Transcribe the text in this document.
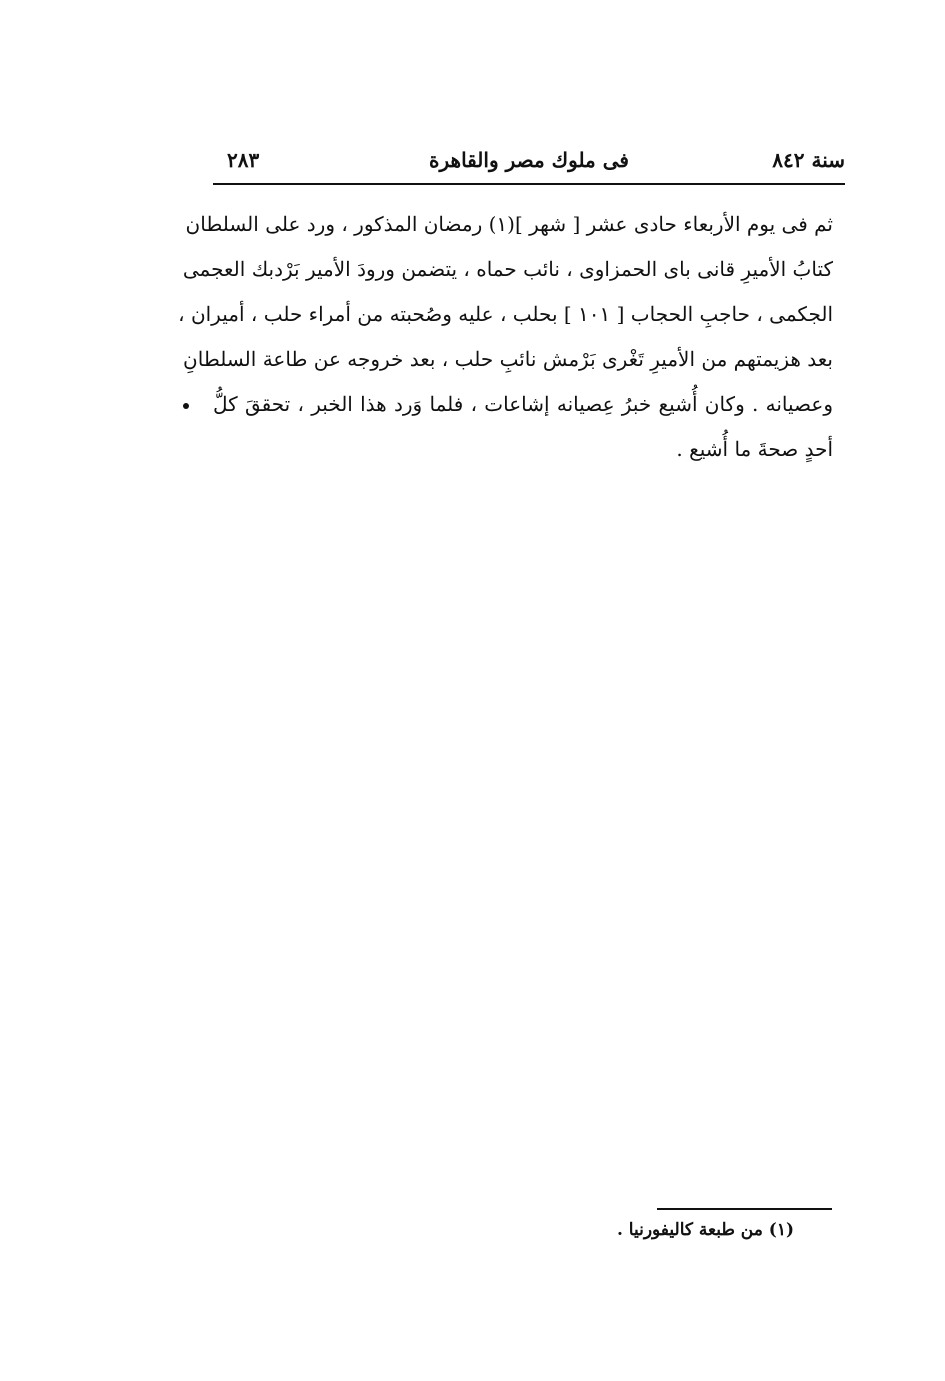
سنة ٨٤٢
فى ملوك مصر والقاهرة
٢٨٣
ثم فى يوم الأربعاء حادى عشر [ شهر ](١) رمضان المذكور ، ورد على السلطان
كتابُ الأميرِ قانى باى الحمزاوى ، نائب حماه ، يتضمن ورودَ الأمير بَرْدبك العجمى
الجكمى ، حاجبِ الحجاب [ ١٠١ ] بحلب ، عليه وصُحبته من أمراء حلب ، أميران ،
بعد هزيمتهم من الأميرِ تَغْرى بَرْمش نائبِ حلب ، بعد خروجه عن طاعة السلطانِ
وعصيانه . وكان أُشيع خبرُ عِصيانه إشاعات ، فلما وَرد هذا الخبر ، تحققَ كلُّ
أحدٍ صحةَ ما أُشيع .
(١) من طبعة كاليفورنيا .
